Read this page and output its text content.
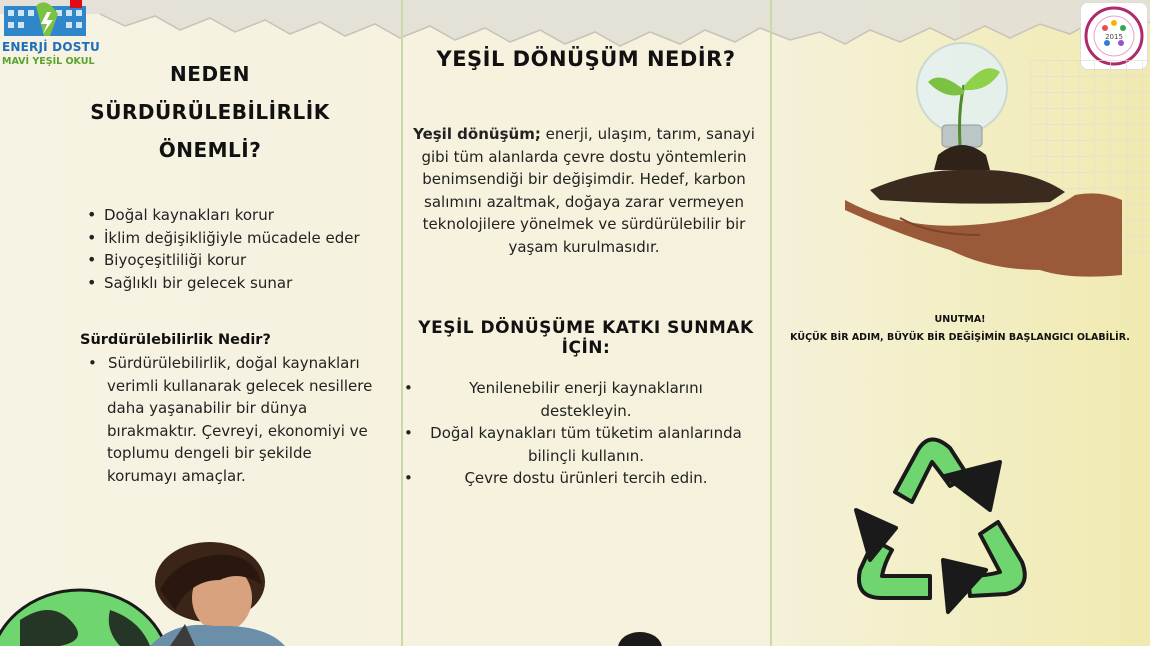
ENERJİ DOSTU
MAVİ YEŞİL OKUL
2015
NEDEN
SÜRDÜRÜLEBİLİRLİK
ÖNEMLİ?
• Doğal kaynakları korur
• İklim değişikliğiyle mücadele eder
• Biyoçeşitliliği korur
• Sağlıklı bir gelecek sunar
Sürdürülebilirlik Nedir?
• Sürdürülebilirlik, doğal kaynakları
verimli kullanarak gelecek nesillere
daha yaşanabilir bir dünya
bırakmaktır. Çevreyi, ekonomiyi ve
toplumu dengeli bir şekilde
korumayı amaçlar.
YEŞİL DÖNÜŞÜM NEDİR?
Yeşil dönüşüm; enerji, ulaşım, tarım, sanayi
gibi tüm alanlarda çevre dostu yöntemlerin
benimsendiği bir değişimdir. Hedef, karbon
salımını azaltmak, doğaya zarar vermeyen
teknolojilere yönelmek ve sürdürülebilir bir
yaşam kurulmasıdır.
YEŞİL DÖNÜŞÜME KATKI SUNMAK İÇİN:
•	Yenilenebilir enerji kaynaklarını
destekleyin.
•	Doğal kaynakları tüm tüketim alanlarında
bilinçli kullanın.
•	Çevre dostu ürünleri tercih edin.
UNUTMA!
KÜÇÜK BİR ADIM, BÜYÜK BİR DEĞİŞİMİN BAŞLANGICI OLABİLİR.
